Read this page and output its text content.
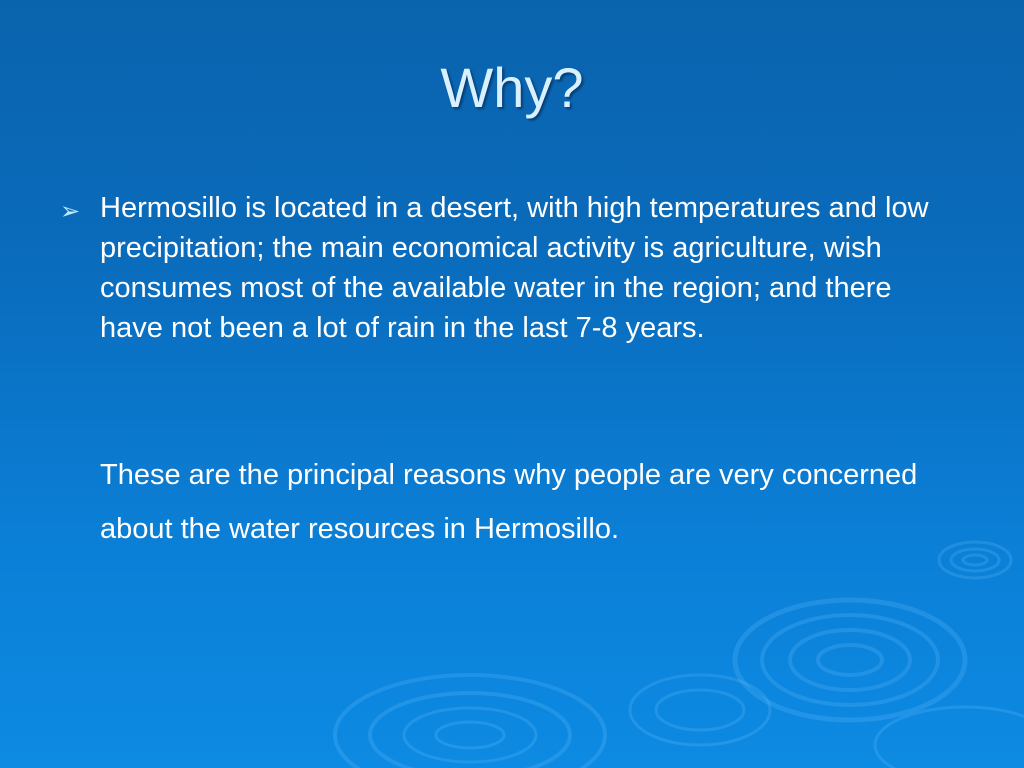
Why?
➢ Hermosillo is located in a desert, with high temperatures and low precipitation; the main economical activity is agriculture, wish consumes most of the available water in the region; and there have not been a lot of rain in the last 7-8 years.

These are the principal reasons why people are very concerned about the water resources in Hermosillo.
